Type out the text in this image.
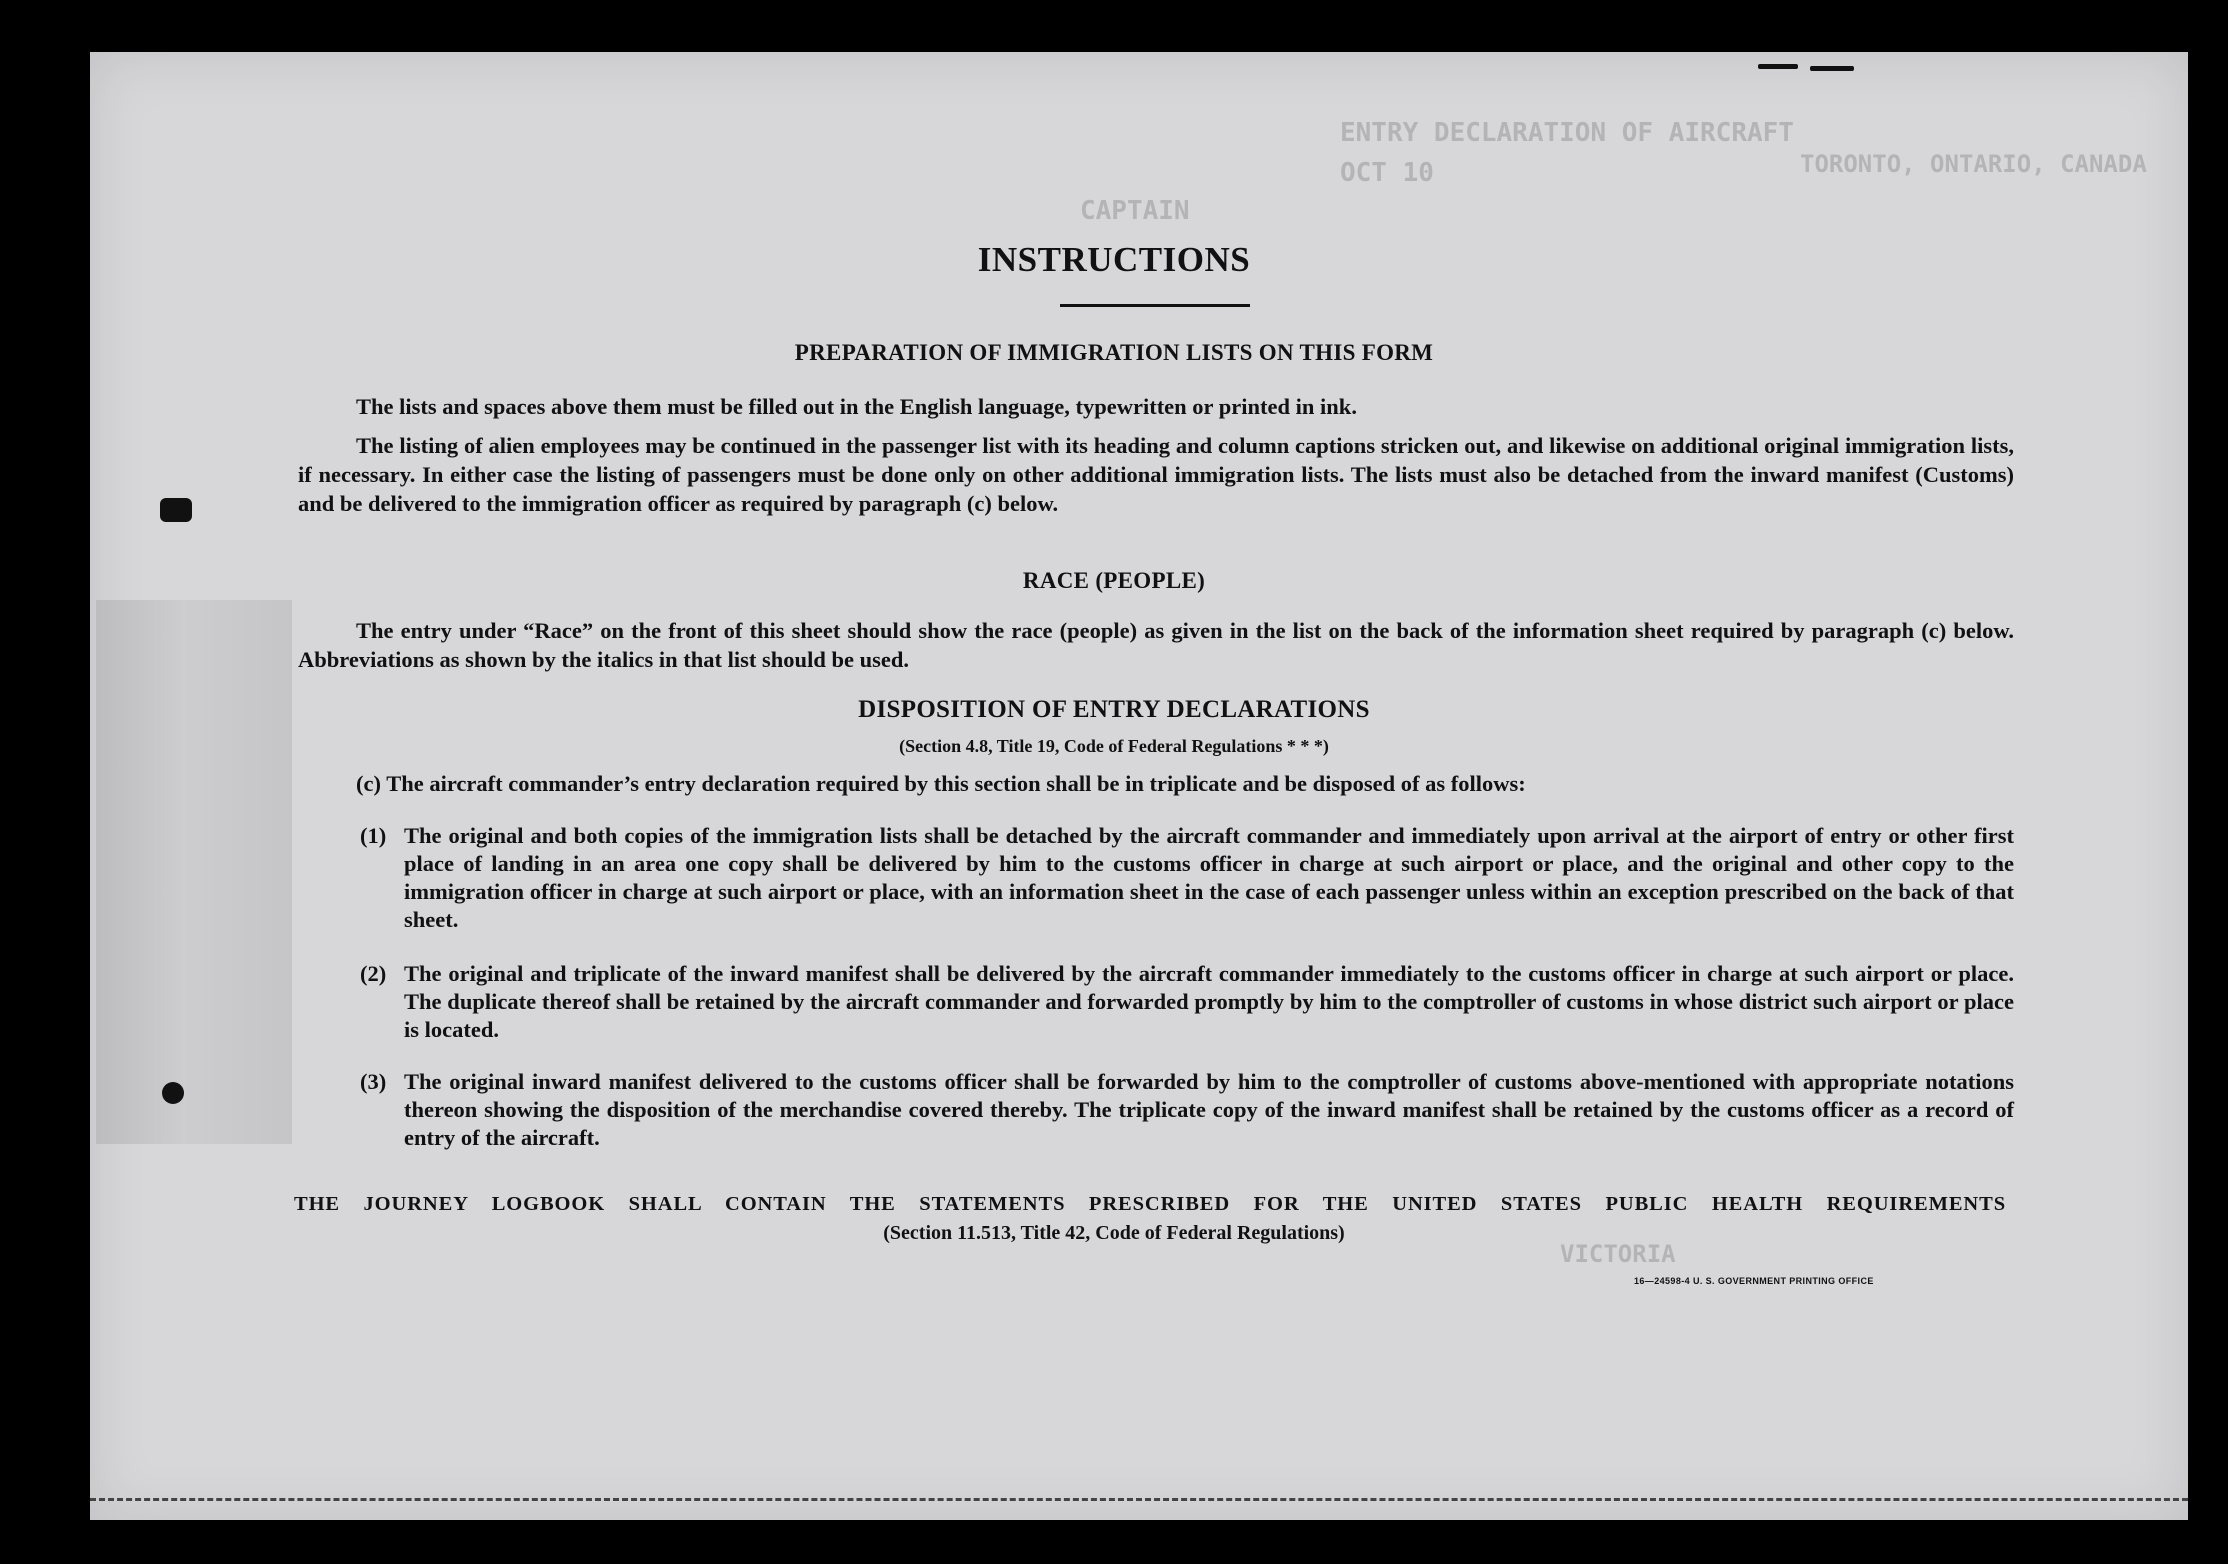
ENTRY DECLARATION OF AIRCRAFT
TORONTO, ONTARIO, CANADA
OCT 10
CAPTAIN
VICTORIA
INSTRUCTIONS
PREPARATION OF IMMIGRATION LISTS ON THIS FORM

The lists and spaces above them must be filled out in the English language, typewritten or printed in ink.

The listing of alien employees may be continued in the passenger list with its heading and column captions stricken out, and likewise on additional original immigration lists, if necessary. In either case the listing of passengers must be done only on other additional immigration lists. The lists must also be detached from the inward manifest (Customs) and be delivered to the immigration officer as required by paragraph (c) below.

RACE (PEOPLE)

The entry under “Race” on the front of this sheet should show the race (people) as given in the list on the back of the information sheet required by paragraph (c) below. Abbreviations as shown by the italics in that list should be used.

DISPOSITION OF ENTRY DECLARATIONS
(Section 4.8, Title 19, Code of Federal Regulations * * *)

(c) The aircraft commander’s entry declaration required by this section shall be in triplicate and be disposed of as follows:

(1) The original and both copies of the immigration lists shall be detached by the aircraft commander and immediately upon arrival at the airport of entry or other first place of landing in an area one copy shall be delivered by him to the customs officer in charge at such airport or place, and the original and other copy to the immigration officer in charge at such airport or place, with an information sheet in the case of each passenger unless within an exception prescribed on the back of that sheet.
(2) The original and triplicate of the inward manifest shall be delivered by the aircraft commander immediately to the customs officer in charge at such airport or place. The duplicate thereof shall be retained by the aircraft commander and forwarded promptly by him to the comptroller of customs in whose district such airport or place is located.
(3) The original inward manifest delivered to the customs officer shall be forwarded by him to the comptroller of customs above-mentioned with appropriate notations thereon showing the disposition of the merchandise covered thereby. The triplicate copy of the inward manifest shall be retained by the customs officer as a record of entry of the aircraft.
THE JOURNEY LOGBOOK SHALL CONTAIN THE STATEMENTS PRESCRIBED FOR THE UNITED STATES PUBLIC HEALTH REQUIREMENTS
(Section 11.513, Title 42, Code of Federal Regulations)
16—24598-4 U. S. GOVERNMENT PRINTING OFFICE
